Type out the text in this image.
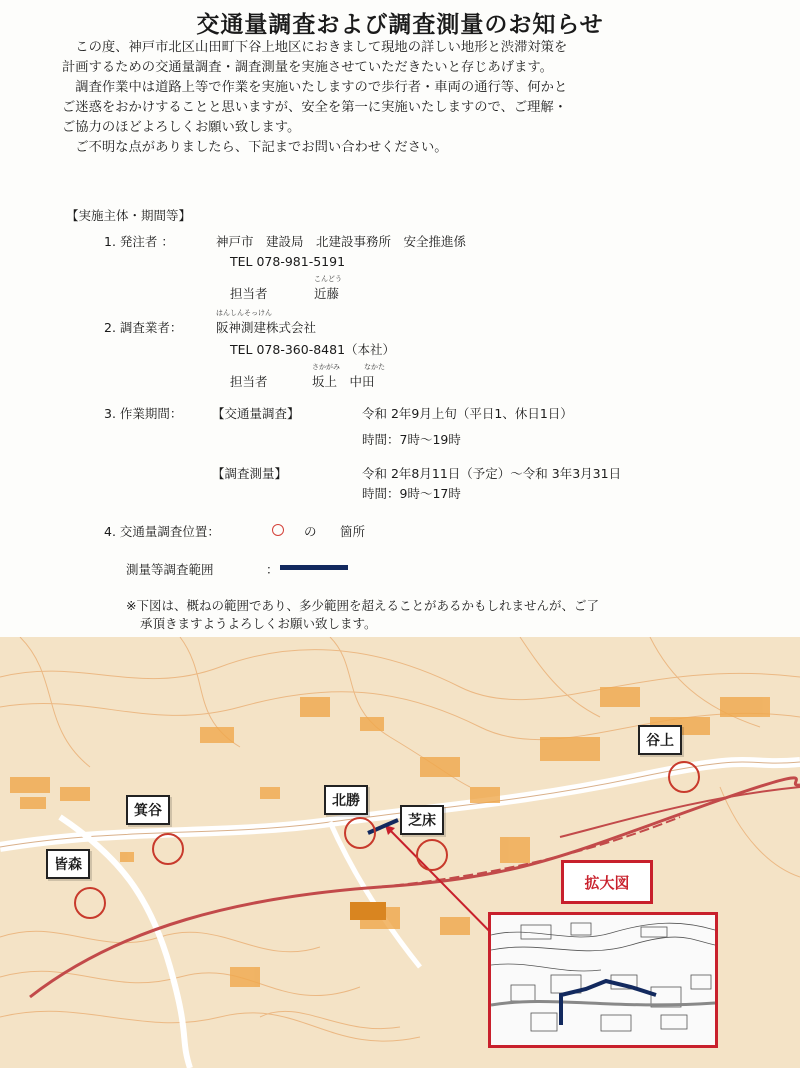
交通量調査および調査測量のお知らせ

この度、神戸市北区山田町下谷上地区におきまして現地の詳しい地形と渋滞対策を

計画するための交通量調査・調査測量を実施させていただきたいと存じあげます。

調査作業中は道路上等で作業を実施いたしますので歩行者・車両の通行等、何かと

ご迷惑をおかけすることと思いますが、安全を第一に実施いたしますので、ご理解・

ご協力のほどよろしくお願い致します。

ご不明な点がありましたら、下記までお問い合わせください。

【実施主体・期間等】
1. 発注者 ：	神戸市　建設局　北建設事務所　安全推進係
TEL 078-981-5191
こんどう
担当者	近藤
はんしんそっけん
2. 調査業者：	阪神測建株式会社
TEL 078-360-8481（本社）
さかがみ	なかた
担当者	坂上　中田
3. 作業期間： 【交通量調査】	令和 2年9月上旬（平日1、休日1日）
時間：7時～19時
【調査測量】	令和 2年8月11日（予定）～令和 3年3月31日
時間：9時～17時
4. 交通量調査位置：	の 箇所
測量等調査範囲	：
※下図は、概ねの範囲であり、多少範囲を超えることがあるかもしれませんが、ご了
承頂きますようよろしくお願い致します。
谷上
北勝
芝床
箕谷
皆森
拡大図
